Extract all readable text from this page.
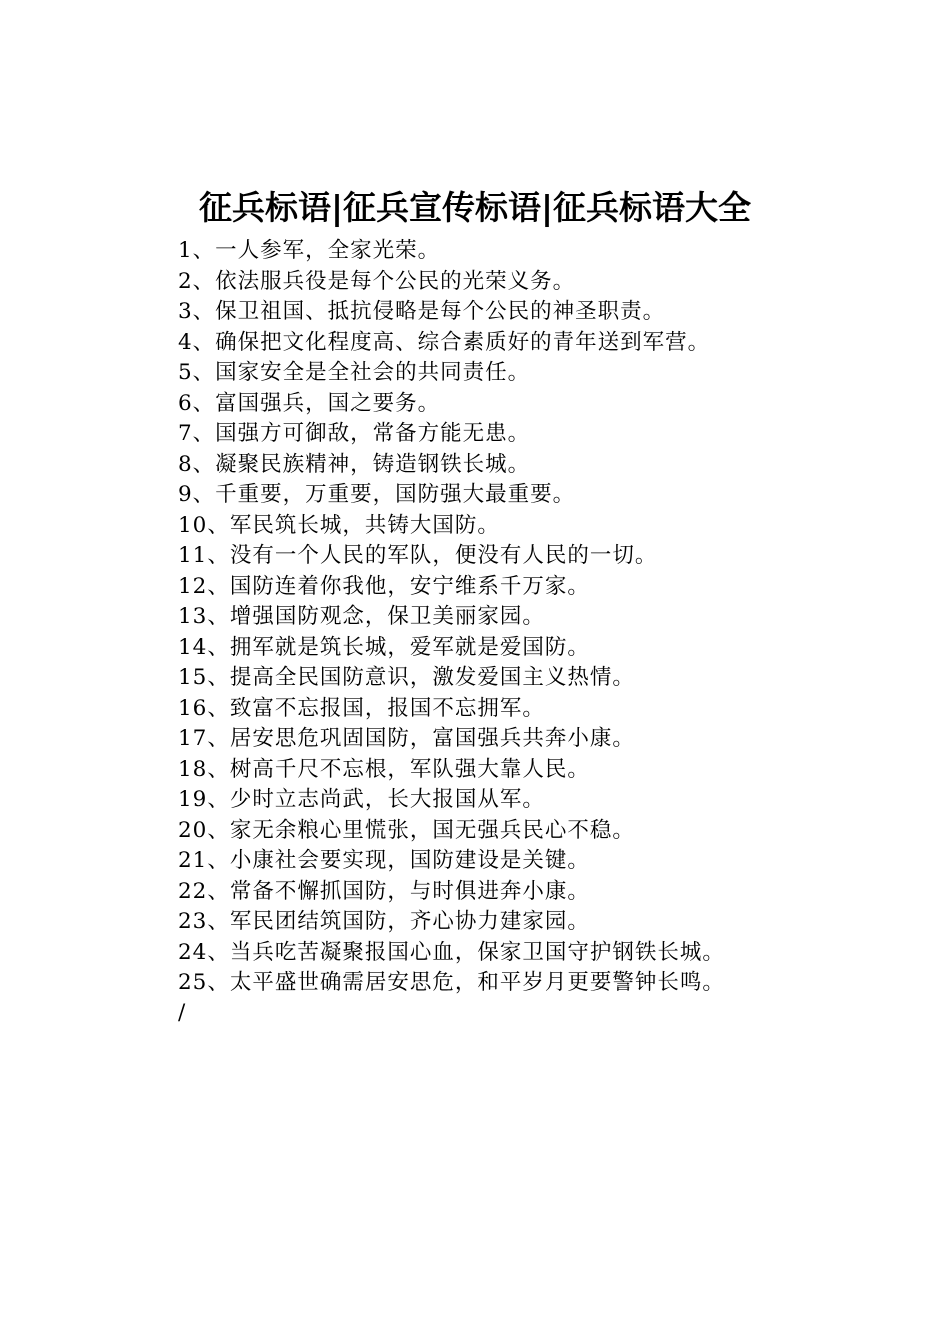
征兵标语|征兵宣传标语|征兵标语大全
1、一人参军，全家光荣。
2、依法服兵役是每个公民的光荣义务。
3、保卫祖国、抵抗侵略是每个公民的神圣职责。
4、确保把文化程度高、综合素质好的青年送到军营。
5、国家安全是全社会的共同责任。
6、富国强兵，国之要务。
7、国强方可御敌，常备方能无患。
8、凝聚民族精神，铸造钢铁长城。
9、千重要，万重要，国防强大最重要。
10、军民筑长城，共铸大国防。
11、没有一个人民的军队，便没有人民的一切。
12、国防连着你我他，安宁维系千万家。
13、增强国防观念，保卫美丽家园。
14、拥军就是筑长城，爱军就是爱国防。
15、提高全民国防意识，激发爱国主义热情。
16、致富不忘报国，报国不忘拥军。
17、居安思危巩固国防，富国强兵共奔小康。
18、树高千尺不忘根，军队强大靠人民。
19、少时立志尚武，长大报国从军。
20、家无余粮心里慌张，国无强兵民心不稳。
21、小康社会要实现，国防建设是关键。
22、常备不懈抓国防，与时俱进奔小康。
23、军民团结筑国防，齐心协力建家园。
24、当兵吃苦凝聚报国心血，保家卫国守护钢铁长城。
25、太平盛世确需居安思危，和平岁月更要警钟长鸣。
/
